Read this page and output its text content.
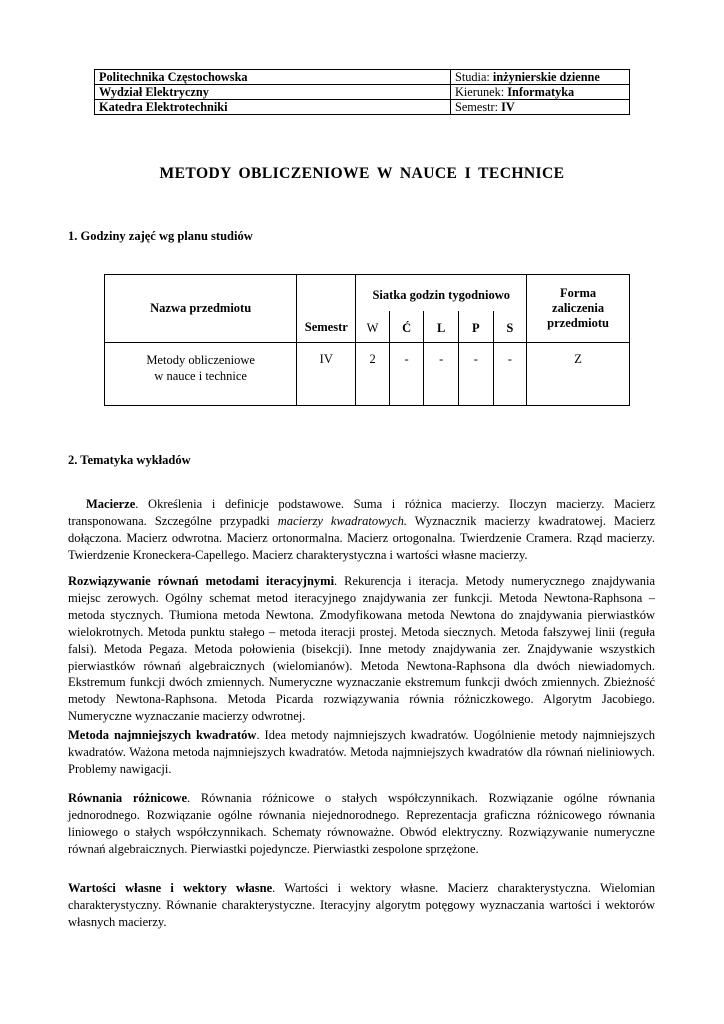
Politechnika Częstochowska	Studia: inżynierskie dzienne
Wydział Elektryczny	Kierunek: Informatyka
Katedra Elektrotechniki	Semestr: IV
METODY OBLICZENIOWE W NAUCE I TECHNICE
1. Godziny zajęć wg planu studiów
Nazwa przedmiotu	Semestr	Siatka godzin tygodniowo					Forma zaliczenia przedmiotu
		W	Ć	L	P	S	
Metody obliczeniowe
w nauce i technice	IV	2	-	-	-	-	Z
2. Tematyka wykładów

Macierze. Określenia i definicje podstawowe. Suma i różnica macierzy. Iloczyn macierzy. Macierz transponowana. Szczególne przypadki macierzy kwadratowych. Wyznacznik macierzy kwadratowej. Macierz dołączona. Macierz odwrotna. Macierz ortonormalna. Macierz ortogonalna. Twierdzenie Cramera. Rząd macierzy. Twierdzenie Kroneckera-Capellego. Macierz charakterystyczna i wartości własne macierzy.

Rozwiązywanie równań metodami iteracyjnymi. Rekurencja i iteracja. Metody numerycznego znajdywania miejsc zerowych. Ogólny schemat metod iteracyjnego znajdywania zer funkcji. Metoda Newtona-Raphsona – metoda stycznych. Tłumiona metoda Newtona. Zmodyfikowana metoda Newtona do znajdywania pierwiastków wielokrotnych. Metoda punktu stałego – metoda iteracji prostej. Metoda siecznych. Metoda fałszywej linii (reguła falsi). Metoda Pegaza. Metoda połowienia (bisekcji). Inne metody znajdywania zer. Znajdywanie wszystkich pierwiastków równań algebraicznych (wielomianów). Metoda Newtona-Raphsona dla dwóch niewiadomych. Ekstremum funkcji dwóch zmiennych. Numeryczne wyznaczanie ekstremum funkcji dwóch zmiennych. Zbieżność metody Newtona-Raphsona. Metoda Picarda rozwiązywania równia różniczkowego. Algorytm Jacobiego. Numeryczne wyznaczanie macierzy odwrotnej.

Metoda najmniejszych kwadratów. Idea metody najmniejszych kwadratów. Uogólnienie metody najmniejszych kwadratów. Ważona metoda najmniejszych kwadratów. Metoda najmniejszych kwadratów dla równań nieliniowych. Problemy nawigacji.

Równania różnicowe. Równania różnicowe o stałych współczynnikach. Rozwiązanie ogólne równania jednorodnego. Rozwiązanie ogólne równania niejednorodnego. Reprezentacja graficzna różnicowego równania liniowego o stałych współczynnikach. Schematy równoważne. Obwód elektryczny. Rozwiązywanie numeryczne równań algebraicznych. Pierwiastki pojedyncze. Pierwiastki zespolone sprzężone.

Wartości własne i wektory własne. Wartości i wektory własne. Macierz charakterystyczna. Wielomian charakterystyczny. Równanie charakterystyczne. Iteracyjny algorytm potęgowy wyznaczania wartości i wektorów własnych macierzy.
